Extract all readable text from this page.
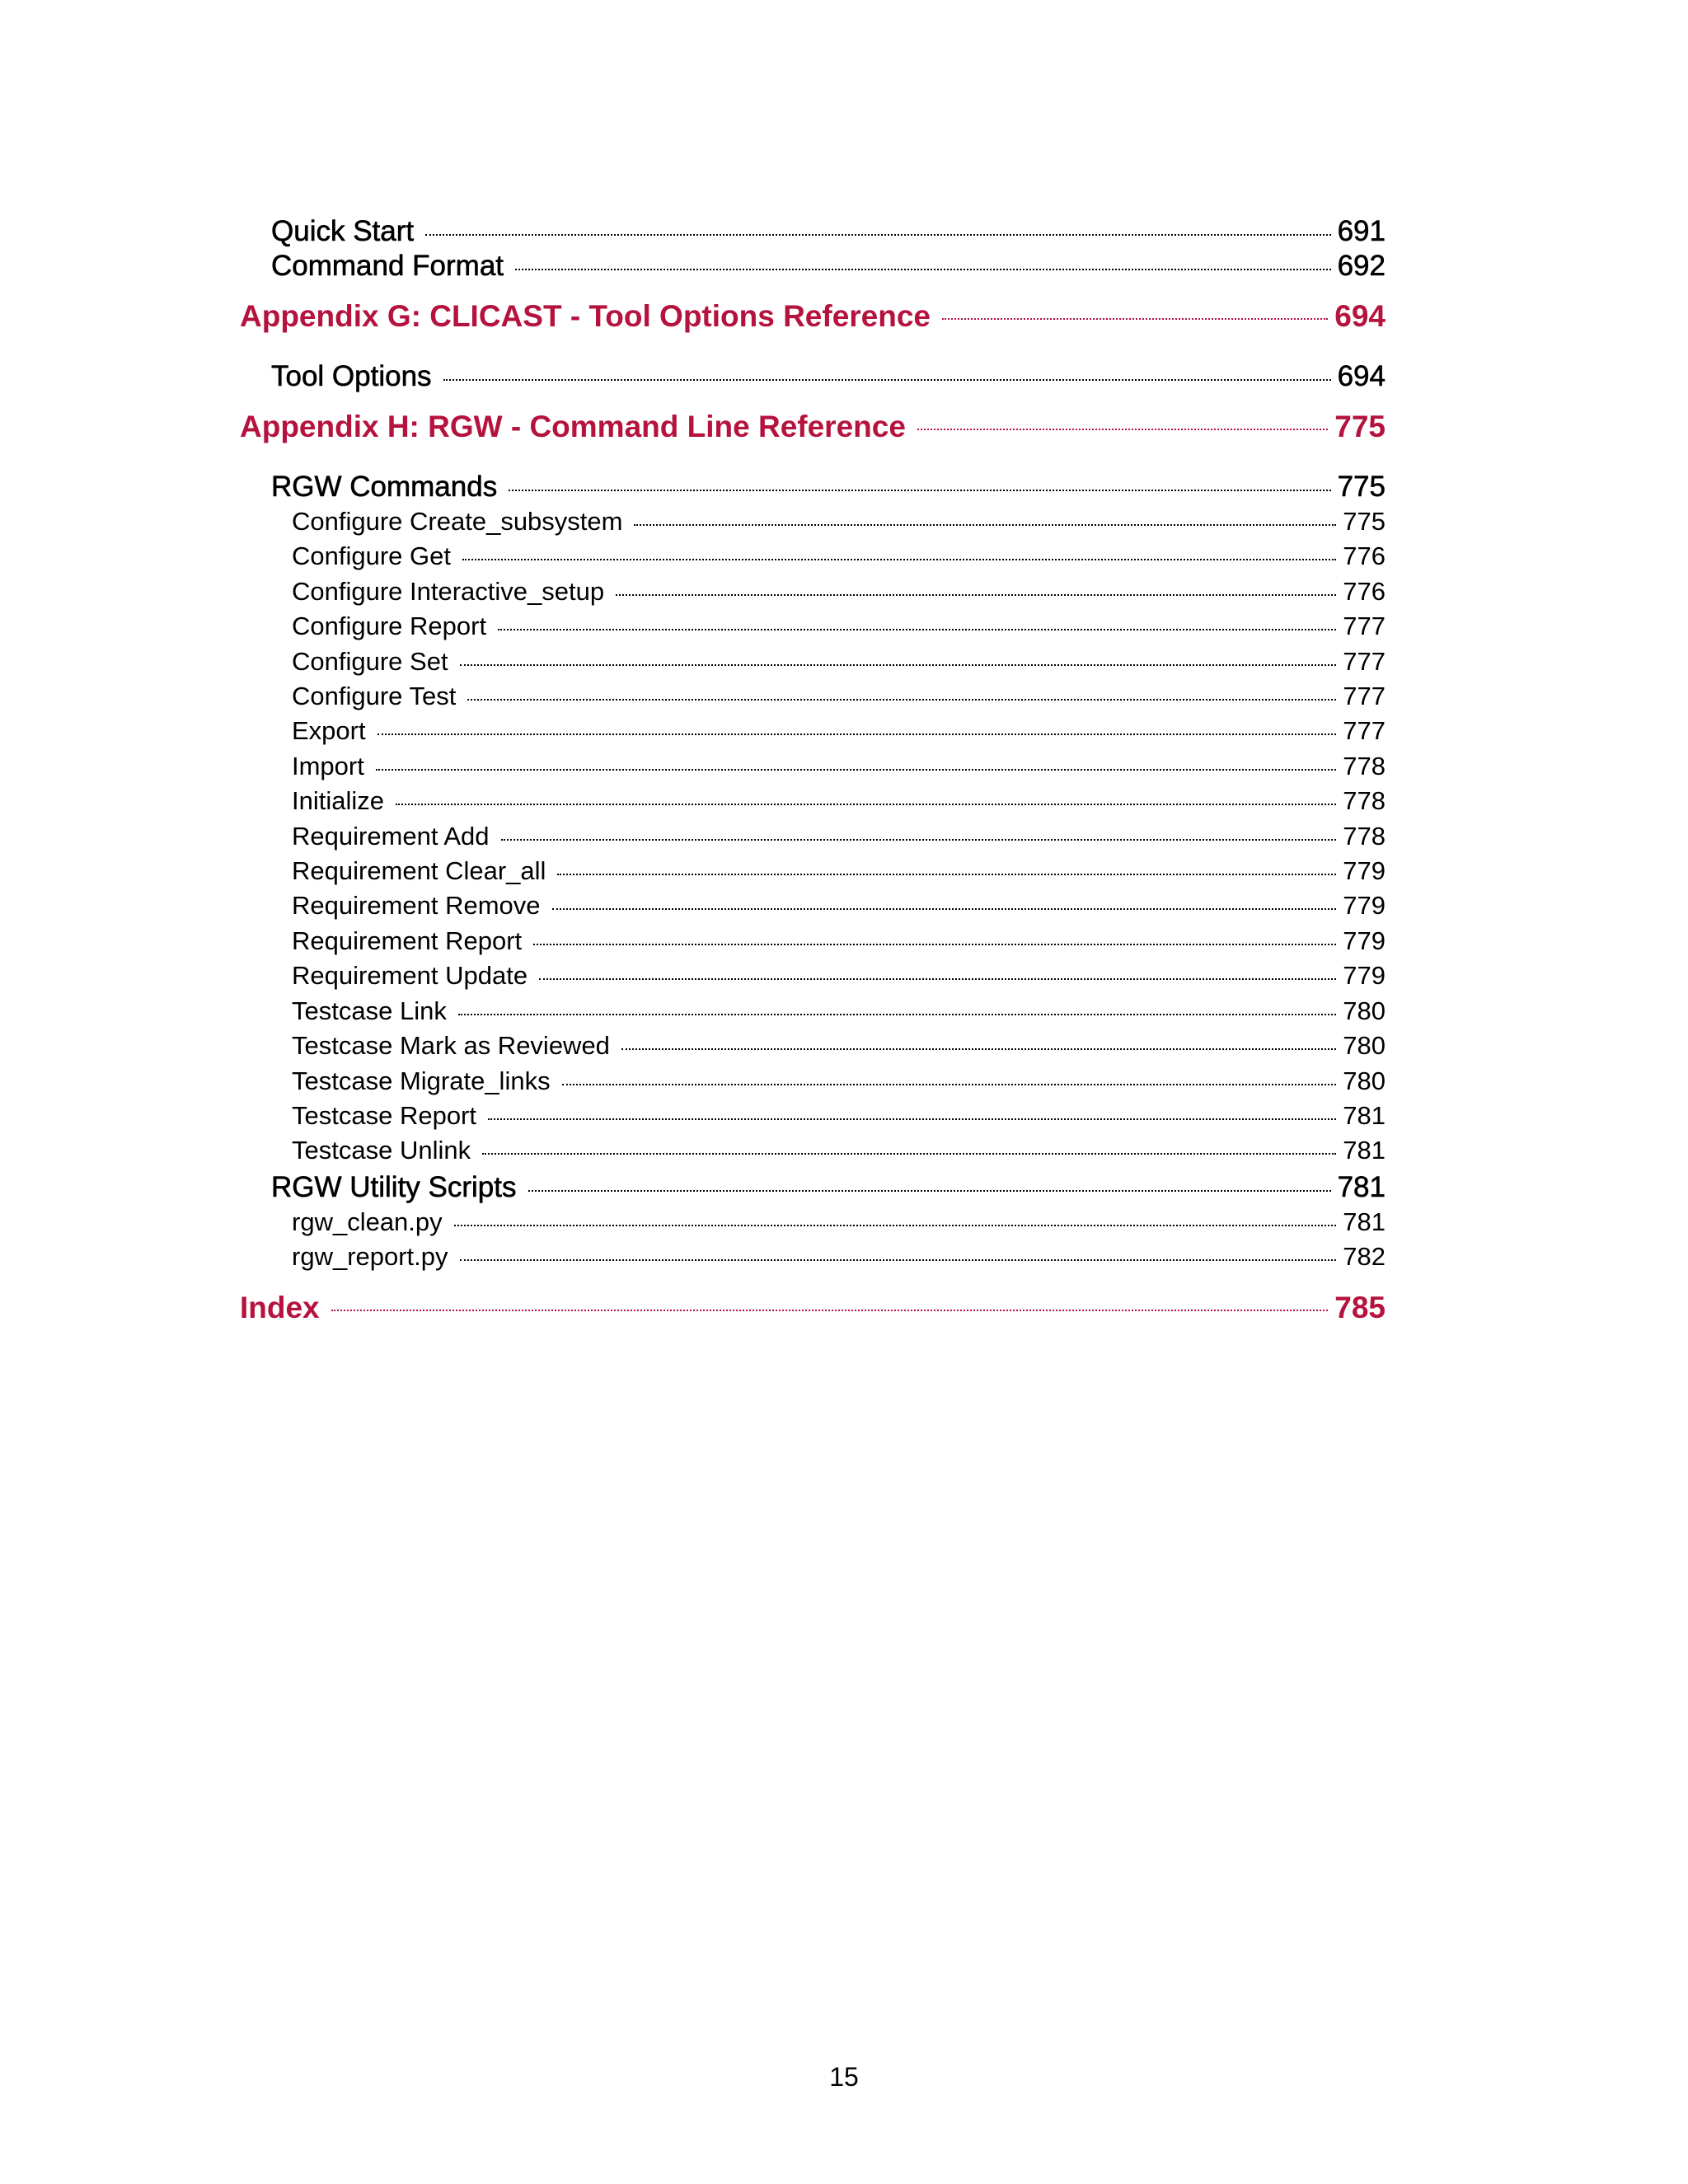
Quick Start	691
Command Format	692
Appendix G: CLICAST - Tool Options Reference	694
Tool Options	694
Appendix H: RGW - Command Line Reference	775
RGW Commands	775
Configure Create_subsystem	775
Configure Get	776
Configure Interactive_setup	776
Configure Report	777
Configure Set	777
Configure Test	777
Export	777
Import	778
Initialize	778
Requirement Add	778
Requirement Clear_all	779
Requirement Remove	779
Requirement Report	779
Requirement Update	779
Testcase Link	780
Testcase Mark as Reviewed	780
Testcase Migrate_links	780
Testcase Report	781
Testcase Unlink	781
RGW Utility Scripts	781
rgw_clean.py	781
rgw_report.py	782
Index	785
15
